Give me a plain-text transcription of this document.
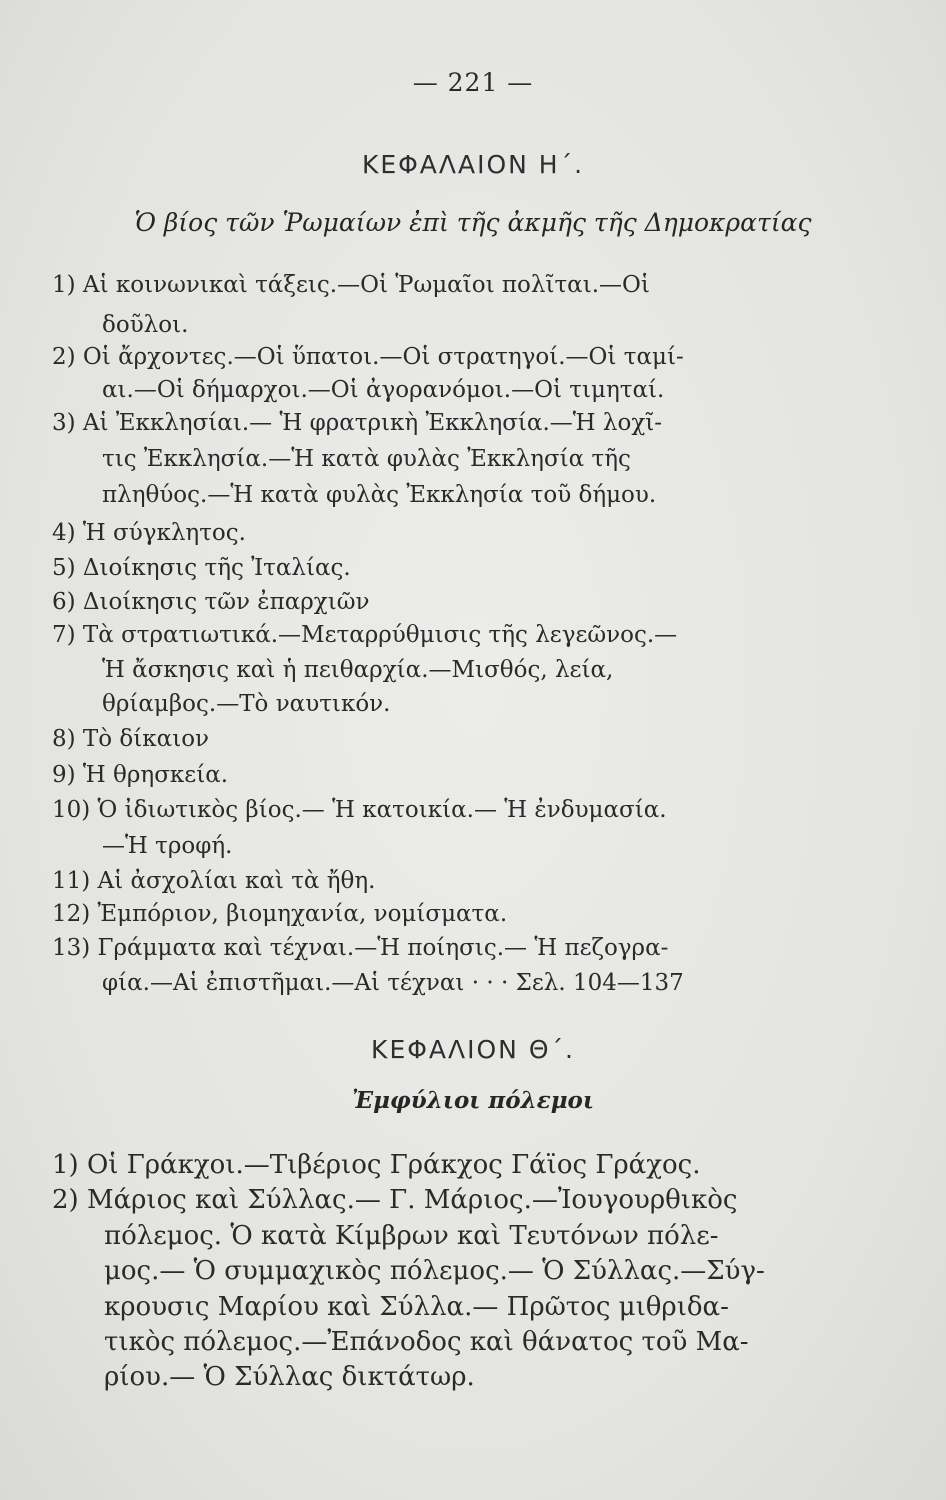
— 221 —
ΚΕΦΑΛΑΙΟΝ Η΄.
Ὁ βίος τῶν Ῥωμαίων ἐπὶ τῆς ἀκμῆς τῆς Δημοκρατίας
1) Αἱ κοινωνικαὶ τάξεις.—Οἱ Ῥωμαῖοι πολῖται.—Οἱ
δοῦλοι.
2) Οἱ ἄρχοντες.—Οἱ ὕπατοι.—Οἱ στρατηγοί.—Οἱ ταμί-
αι.—Οἱ δήμαρχοι.—Οἱ ἀγορανόμοι.—Οἱ τιμηταί.
3) Αἱ Ἐκκλησίαι.— Ἡ φρατρικὴ Ἐκκλησία.—Ἡ λοχῖ-
τις Ἐκκλησία.—Ἡ κατὰ φυλὰς Ἐκκλησία τῆς
πληθύος.—Ἡ κατὰ φυλὰς Ἐκκλησία τοῦ δήμου.
4) Ἡ σύγκλητος.
5) Διοίκησις τῆς Ἰταλίας.
6) Διοίκησις τῶν ἐπαρχιῶν
7) Τὰ στρατιωτικά.—Μεταρρύθμισις τῆς λεγεῶνος.—
Ἡ ἄσκησις καὶ ἡ πειθαρχία.—Μισθός, λεία,
θρίαμβος.—Τὸ ναυτικόν.
8) Τὸ δίκαιον
9) Ἡ θρησκεία.
10) Ὁ ἰδιωτικὸς βίος.— Ἡ κατοικία.— Ἡ ἐνδυμασία.
—Ἡ τροφή.
11) Αἱ ἀσχολίαι καὶ τὰ ἤθη.
12) Ἐμπόριον, βιομηχανία, νομίσματα.
13) Γράμματα καὶ τέχναι.—Ἡ ποίησις.— Ἡ πεζογρα-
φία.—Αἱ ἐπιστῆμαι.—Αἱ τέχναι · · · Σελ. 104—137
ΚΕΦΑΛΙΟΝ Θ΄.
Ἐμφύλιοι πόλεμοι
1) Οἱ Γράκχοι.—Τιβέριος Γράκχος Γάϊος Γράχος.
2) Μάριος καὶ Σύλλας.— Γ. Μάριος.—Ἰουγουρθικὸς
πόλεμος. Ὁ κατὰ Κίμβρων καὶ Τευτόνων πόλε-
μος.— Ὁ συμμαχικὸς πόλεμος.— Ὁ Σύλλας.—Σύγ-
κρουσις Μαρίου καὶ Σύλλα.— Πρῶτος μιθριδα-
τικὸς πόλεμος.—Ἐπάνοδος καὶ θάνατος τοῦ Μα-
ρίου.— Ὁ Σύλλας δικτάτωρ.
